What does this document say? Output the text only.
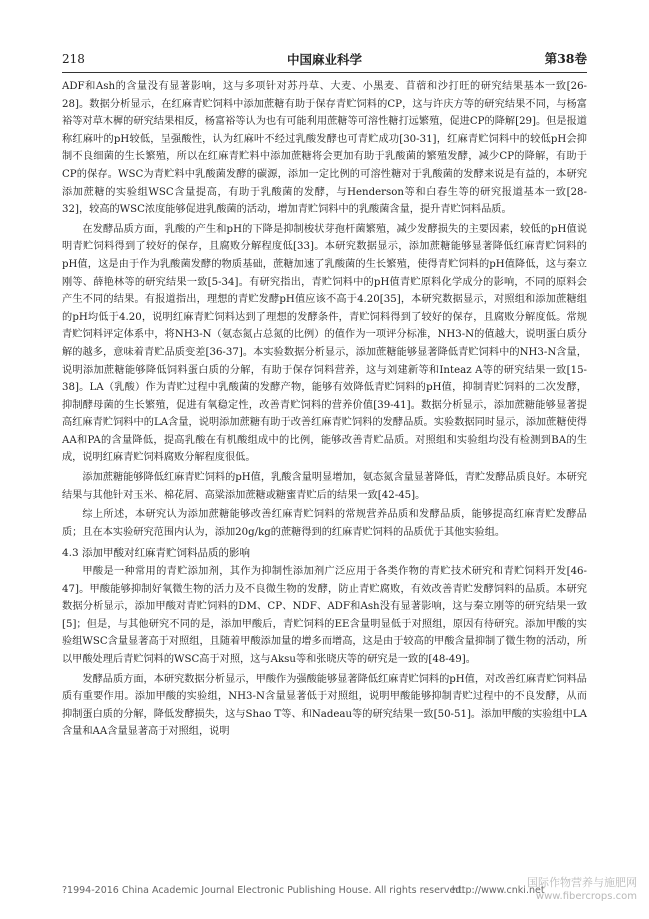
218	中国麻业科学	第38卷

ADF和Ash的含量没有显著影响，这与多项针对苏丹草、大麦、小黑麦、苜蓿和沙打旺的研究结果基本一致[26-28]。数据分析显示，在红麻青贮饲料中添加蔗糖有助于保存青贮饲料的CP，这与许庆方等的研究结果不同，与杨富裕等对草木樨的研究结果相反，杨富裕等认为也有可能利用蔗糖等可溶性糖打远繁殖，促进CP的降解[29]。但是报道称红麻叶的pH较低，呈强酸性，认为红麻叶不经过乳酸发酵也可青贮成功[30-31]，红麻青贮饲料中的较低pH会抑制不良细菌的生长繁殖，所以在红麻青贮料中添加蔗糖将会更加有助于乳酸菌的繁殖发酵，减少CP的降解，有助于CP的保存。WSC为青贮料中乳酸菌发酵的碳源，添加一定比例的可溶性糖对于乳酸菌的发酵来说是有益的，本研究添加蔗糖的实验组WSC含量提高，有助于乳酸菌的发酵，与Henderson等和白春生等的研究报道基本一致[28-32]，较高的WSC浓度能够促进乳酸菌的活动，增加青贮饲料中的乳酸菌含量，提升青贮饲料品质。

在发酵品质方面，乳酸的产生和pH的下降是抑制梭状芽孢杆菌繁殖，减少发酵损失的主要因素，较低的pH值说明青贮饲料得到了较好的保存，且腐败分解程度低[33]。本研究数据显示，添加蔗糖能够显著降低红麻青贮饲料的pH值，这是由于作为乳酸菌发酵的物质基础，蔗糖加速了乳酸菌的生长繁殖，使得青贮饲料的pH值降低，这与秦立刚等、薛艳林等的研究结果一致[5-34]。有研究指出，青贮饲料中的pH值青贮原料化学成分的影响，不同的原料会产生不同的结果。有报道指出，理想的青贮发酵pH值应该不高于4.20[35]，本研究数据显示，对照组和添加蔗糖组的pH均低于4.20，说明红麻青贮饲料达到了理想的发酵条件，青贮饲料得到了较好的保存，且腐败分解度低。常规青贮饲料评定体系中，将NH3-N（氨态氮占总氮的比例）的值作为一项评分标准，NH3-N的值越大，说明蛋白质分解的越多，意味着青贮品质变差[36-37]。本实验数据分析显示，添加蔗糖能够显著降低青贮饲料中的NH3-N含量，说明添加蔗糖能够降低饲料蛋白质的分解，有助于保存饲料营养，这与刘建新等和Inteaz A等的研究结果一致[15-38]。LA（乳酸）作为青贮过程中乳酸菌的发酵产物，能够有效降低青贮饲料的pH值，抑制青贮饲料的二次发酵，抑制酵母菌的生长繁殖，促进有氧稳定性，改善青贮饲料的营养价值[39-41]。数据分析显示，添加蔗糖能够显著提高红麻青贮饲料中的LA含量，说明添加蔗糖有助于改善红麻青贮饲料的发酵品质。实验数据同时显示，添加蔗糖使得AA和PA的含量降低，提高乳酸在有机酸组成中的比例，能够改善青贮品质。对照组和实验组均没有检测到BA的生成，说明红麻青贮饲料腐败分解程度很低。

添加蔗糖能够降低红麻青贮饲料的pH值，乳酸含量明显增加，氨态氮含量显著降低，青贮发酵品质良好。本研究结果与其他针对玉米、棉花屑、高粱添加蔗糖或糖蜜青贮后的结果一致[42-45]。

综上所述，本研究认为添加蔗糖能够改善红麻青贮饲料的常规营养品质和发酵品质，能够提高红麻青贮发酵品质；且在本实验研究范围内认为，添加20g/kg的蔗糖得到的红麻青贮饲料的品质优于其他实验组。

4.3 添加甲酸对红麻青贮饲料品质的影响

甲酸是一种常用的青贮添加剂，其作为抑制性添加剂广泛应用于各类作物的青贮技术研究和青贮饲料开发[46-47]。甲酸能够抑制好氧微生物的活力及不良微生物的发酵，防止青贮腐败，有效改善青贮发酵饲料的品质。本研究数据分析显示，添加甲酸对青贮饲料的DM、CP、NDF、ADF和Ash没有显著影响，这与秦立刚等的研究结果一致[5]；但是，与其他研究不同的是，添加甲酸后，青贮饲料的EE含量明显低于对照组，原因有待研究。添加甲酸的实验组WSC含量显著高于对照组，且随着甲酸添加量的增多而增高，这是由于较高的甲酸含量抑制了微生物的活动，所以甲酸处理后青贮饲料的WSC高于对照，这与Aksu等和张晓庆等的研究是一致的[48-49]。

发酵品质方面，本研究数据分析显示，甲酸作为强酸能够显著降低红麻青贮饲料的pH值，对改善红麻青贮饲料品质有重要作用。添加甲酸的实验组，NH3-N含量显著低于对照组，说明甲酸能够抑制青贮过程中的不良发酵，从而抑制蛋白质的分解，降低发酵损失，这与Shao T等、和Nadeau等的研究结果一致[50-51]。添加甲酸的实验组中LA含量和AA含量显著高于对照组，说明

?1994-2016 China Academic Journal Electronic Publishing House. All rights reserved.
http://www.cnki.net
国际作物营养与施肥网
www.fibercrops.com
